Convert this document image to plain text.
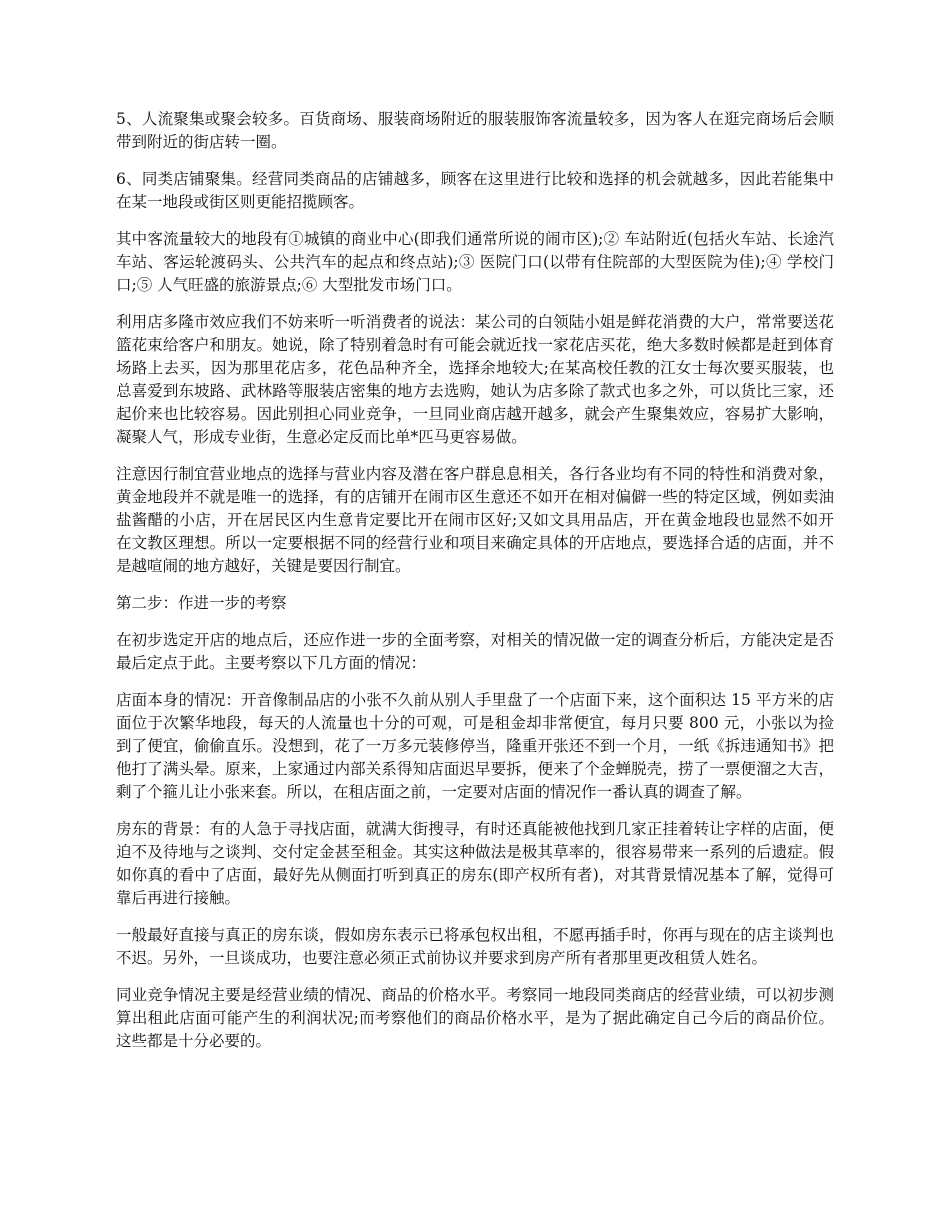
5、人流聚集或聚会较多。百货商场、服装商场附近的服装服饰客流量较多，因为客人在逛完商场后会顺带到附近的街店转一圈。

6、同类店铺聚集。经营同类商品的店铺越多，顾客在这里进行比较和选择的机会就越多，因此若能集中在某一地段或街区则更能招揽顾客。

其中客流量较大的地段有①城镇的商业中心(即我们通常所说的闹市区);② 车站附近(包括火车站、长途汽车站、客运轮渡码头、公共汽车的起点和终点站);③ 医院门口(以带有住院部的大型医院为佳);④ 学校门口;⑤ 人气旺盛的旅游景点;⑥ 大型批发市场门口。

利用店多隆市效应我们不妨来听一听消费者的说法：某公司的白领陆小姐是鲜花消费的大户，常常要送花篮花束给客户和朋友。她说，除了特别着急时有可能会就近找一家花店买花，绝大多数时候都是赶到体育场路上去买，因为那里花店多，花色品种齐全，选择余地较大;在某高校任教的江女士每次要买服装，也总喜爱到东坡路、武林路等服装店密集的地方去选购，她认为店多除了款式也多之外，可以货比三家，还起价来也比较容易。因此别担心同业竞争，一旦同业商店越开越多，就会产生聚集效应，容易扩大影响，凝聚人气，形成专业街，生意必定反而比单*匹马更容易做。

注意因行制宜营业地点的选择与营业内容及潜在客户群息息相关，各行各业均有不同的特性和消费对象，黄金地段并不就是唯一的选择，有的店铺开在闹市区生意还不如开在相对偏僻一些的特定区域，例如卖油盐酱醋的小店，开在居民区内生意肯定要比开在闹市区好;又如文具用品店，开在黄金地段也显然不如开在文教区理想。所以一定要根据不同的经营行业和项目来确定具体的开店地点，要选择合适的店面，并不是越喧闹的地方越好，关键是要因行制宜。

第二步：作进一步的考察

在初步选定开店的地点后，还应作进一步的全面考察，对相关的情况做一定的调查分析后，方能决定是否最后定点于此。主要考察以下几方面的情况：

店面本身的情况：开音像制品店的小张不久前从别人手里盘了一个店面下来，这个面积达 15 平方米的店面位于次繁华地段，每天的人流量也十分的可观，可是租金却非常便宜，每月只要 800 元，小张以为捡到了便宜，偷偷直乐。没想到，花了一万多元装修停当，隆重开张还不到一个月，一纸《拆违通知书》把他打了满头晕。原来，上家通过内部关系得知店面迟早要拆，便来了个金蝉脱壳，捞了一票便溜之大吉，剩了个箍儿让小张来套。所以，在租店面之前，一定要对店面的情况作一番认真的调查了解。

房东的背景：有的人急于寻找店面，就满大街搜寻，有时还真能被他找到几家正挂着转让字样的店面，便迫不及待地与之谈判、交付定金甚至租金。其实这种做法是极其草率的，很容易带来一系列的后遗症。假如你真的看中了店面，最好先从侧面打听到真正的房东(即产权所有者)，对其背景情况基本了解，觉得可靠后再进行接触。

一般最好直接与真正的房东谈，假如房东表示已将承包权出租，不愿再插手时，你再与现在的店主谈判也不迟。另外，一旦谈成功，也要注意必须正式前协议并要求到房产所有者那里更改租赁人姓名。

同业竞争情况主要是经营业绩的情况、商品的价格水平。考察同一地段同类商店的经营业绩，可以初步测算出租此店面可能产生的利润状况;而考察他们的商品价格水平，是为了据此确定自己今后的商品价位。这些都是十分必要的。
